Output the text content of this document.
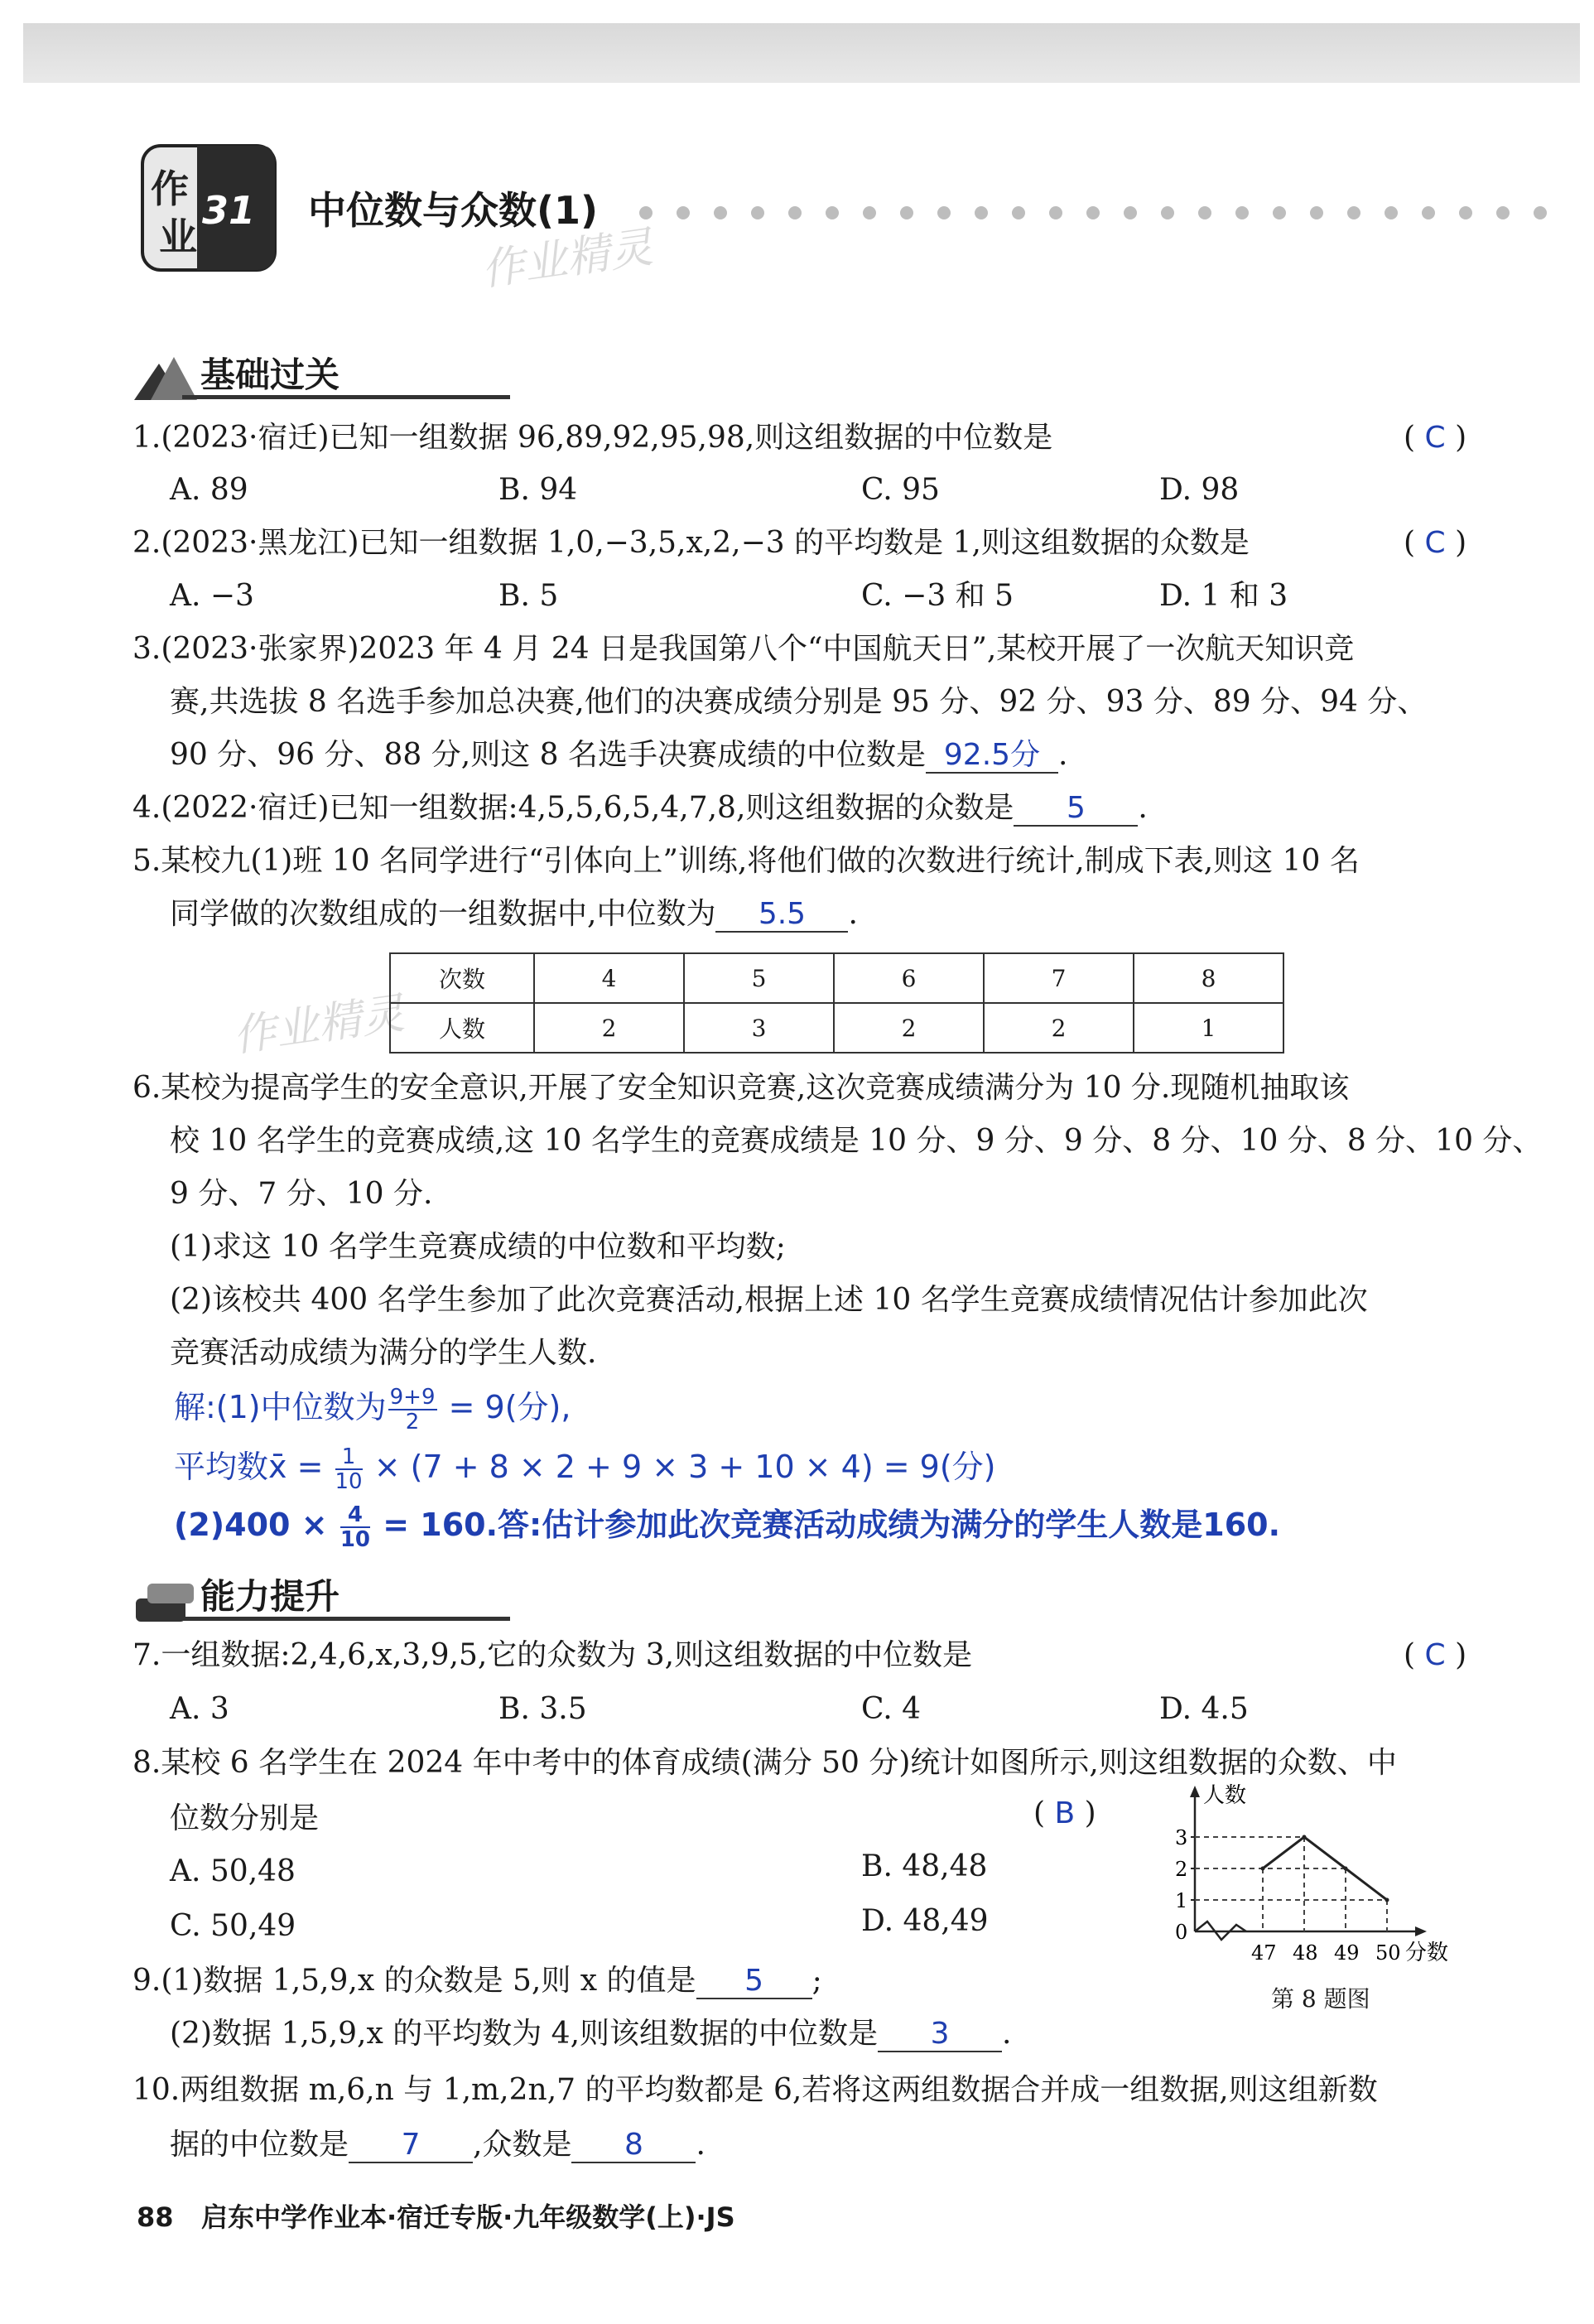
作
业
31 中位数与众数(1)
作业精灵
作业精灵
基础过关
1.(2023·宿迁)已知一组数据 96,89,92,95,98,则这组数据的中位数是	( C )
A. 89	B. 94	C. 95	D. 98
2.(2023·黑龙江)已知一组数据 1,0,−3,5,x,2,−3 的平均数是 1,则这组数据的众数是	( C )
A. −3	B. 5	C. −3 和 5	D. 1 和 3
3.(2023·张家界)2023 年 4 月 24 日是我国第八个“中国航天日”,某校开展了一次航天知识竞
赛,共选拔 8 名选手参加总决赛,他们的决赛成绩分别是 95 分、92 分、93 分、89 分、94 分、
90 分、96 分、88 分,则这 8 名选手决赛成绩的中位数是 92.5分 .
4.(2022·宿迁)已知一组数据:4,5,5,6,5,4,7,8,则这组数据的众数是 5 .
5.某校九(1)班 10 名同学进行“引体向上”训练,将他们做的次数进行统计,制成下表,则这 10 名
同学做的次数组成的一组数据中,中位数为 5.5 .
次数	4	5	6	7	8
人数	2	3	2	2	1
6.某校为提高学生的安全意识,开展了安全知识竞赛,这次竞赛成绩满分为 10 分.现随机抽取该
校 10 名学生的竞赛成绩,这 10 名学生的竞赛成绩是 10 分、9 分、9 分、8 分、10 分、8 分、10 分、
9 分、7 分、10 分.
(1)求这 10 名学生竞赛成绩的中位数和平均数;
(2)该校共 400 名学生参加了此次竞赛活动,根据上述 10 名学生竞赛成绩情况估计参加此次
竞赛活动成绩为满分的学生人数.
解:(1)中位数为 $\frac{9+9}{2} = 9$(分),
平均数x̄ = $\frac{1}{10} \times (7 + 8 \times 2 + 9 \times 3 + 10 \times 4) = 9$(分)
$(2)400 \times \frac{4}{10} = 160$.答:估计参加此次竞赛活动成绩为满分的学生人数是160.
能力提升
7.一组数据:2,4,6,x,3,9,5,它的众数为 3,则这组数据的中位数是	( C )
A. 3	B. 3.5	C. 4	D. 4.5
8.某校 6 名学生在 2024 年中考中的体育成绩(满分 50 分)统计如图所示,则这组数据的众数、中
位数分别是	( B )
A. 50,48	B. 48,48
C. 50,49	D. 48,49	0
1
2
3
47 48 49 50
人数
分数
第 8 题图
9.(1)数据 1,5,9,x 的众数是 5,则 x 的值是 5 ;
(2)数据 1,5,9,x 的平均数为 4,则该组数据的中位数是 3 .
10.两组数据 m,6,n 与 1,m,2n,7 的平均数都是 6,若将这两组数据合并成一组数据,则这组新数
据的中位数是 7 ,众数是 8 .
88 启东中学作业本·宿迁专版·九年级数学(上)·JS
